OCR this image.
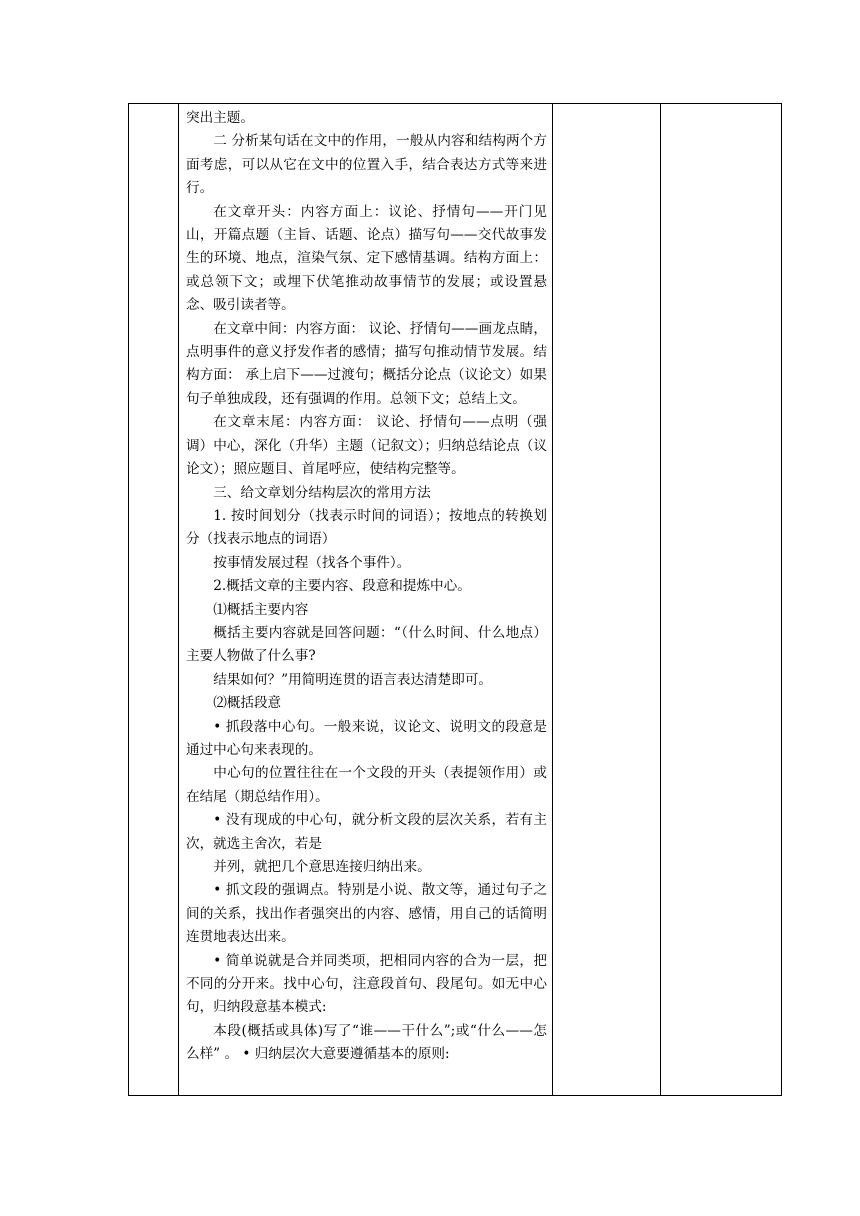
突出主题。

二 分析某句话在文中的作用，一般从内容和结构两个方面考虑，可以从它在文中的位置入手，结合表达方式等来进行。

在文章开头：内容方面上：议论、抒情句——开门见山，开篇点题（主旨、话题、论点）描写句——交代故事发生的环境、地点，渲染气氛、定下感情基调。结构方面上：或总领下文；或埋下伏笔推动故事情节的发展；或设置悬念、吸引读者等。

在文章中间：内容方面： 议论、抒情句——画龙点睛，点明事件的意义抒发作者的感情；描写句推动情节发展。结构方面： 承上启下——过渡句；概括分论点（议论文）如果句子单独成段，还有强调的作用。总领下文；总结上文。

在文章末尾：内容方面： 议论、抒情句——点明（强调）中心，深化（升华）主题（记叙文）；归纳总结论点（议论文）；照应题目、首尾呼应，使结构完整等。

三、给文章划分结构层次的常用方法

1. 按时间划分（找表示时间的词语）；按地点的转换划分（找表示地点的词语）

按事情发展过程（找各个事件）。

2.概括文章的主要内容、段意和提炼中心。

⑴概括主要内容

概括主要内容就是回答问题：“（什么时间、什么地点）主要人物做了什么事?

结果如何？”用简明连贯的语言表达清楚即可。

⑵概括段意

• 抓段落中心句。一般来说，议论文、说明文的段意是通过中心句来表现的。

中心句的位置往往在一个文段的开头（表提领作用）或在结尾（期总结作用）。

• 没有现成的中心句，就分析文段的层次关系，若有主次，就选主舍次，若是

并列，就把几个意思连接归纳出来。

• 抓文段的强调点。特别是小说、散文等，通过句子之间的关系，找出作者强突出的内容、感情，用自己的话简明连贯地表达出来。

• 简单说就是合并同类项，把相同内容的合为一层，把不同的分开来。找中心句，注意段首句、段尾句。如无中心句，归纳段意基本模式:

本段(概括或具体)写了“谁——干什么”;或“什么——怎么样” 。 • 归纳层次大意要遵循基本的原则:
